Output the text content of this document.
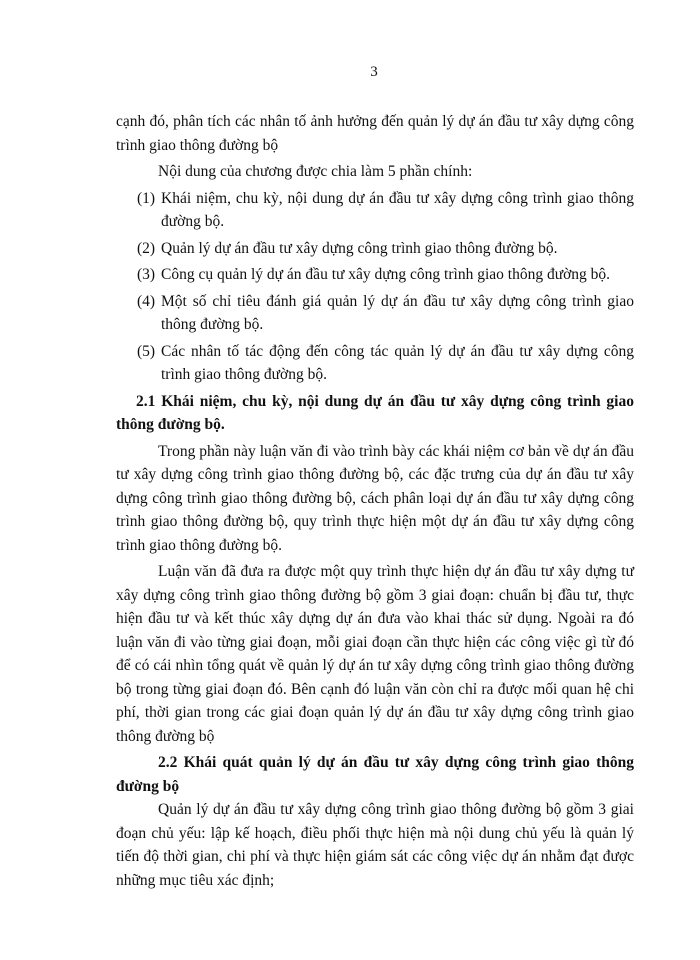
3

cạnh đó, phân tích các nhân tố ảnh hưởng đến quản lý dự án đầu tư xây dựng công trình giao thông đường bộ

Nội dung của chương được chia làm 5 phần chính:

(1) Khái niệm, chu kỳ, nội dung dự án đầu tư xây dựng công trình giao thông đường bộ.
(2) Quản lý dự án đầu tư xây dựng công trình giao thông đường bộ.
(3) Công cụ quản lý dự án đầu tư xây dựng công trình giao thông đường bộ.
(4) Một số chỉ tiêu đánh giá quản lý dự án đầu tư xây dựng công trình giao thông đường bộ.
(5) Các nhân tố tác động đến công tác quản lý dự án đầu tư xây dựng công trình giao thông đường bộ.
2.1 Khái niệm, chu kỳ, nội dung dự án đầu tư xây dựng công trình giao
thông đường bộ.

Trong phần này luận văn đi vào trình bày các khái niệm cơ bản về dự án đầu tư xây dựng công trình giao thông đường bộ, các đặc trưng của dự án đầu tư xây dựng công trình giao thông đường bộ, cách phân loại dự án đầu tư xây dựng công trình giao thông đường bộ, quy trình thực hiện một dự án đầu tư xây dựng công trình giao thông đường bộ.

Luận văn đã đưa ra được một quy trình thực hiện dự án đầu tư xây dựng tư xây dựng công trình giao thông đường bộ gồm 3 giai đoạn: chuẩn bị đầu tư, thực hiện đầu tư và kết thúc xây dựng dự án đưa vào khai thác sử dụng. Ngoài ra đó luận văn đi vào từng giai đoạn, mỗi giai đoạn cần thực hiện các công việc gì từ đó để có cái nhìn tổng quát về quản lý dự án tư xây dựng công trình giao thông đường bộ trong từng giai đoạn đó. Bên cạnh đó luận văn còn chỉ ra được mối quan hệ chi phí, thời gian trong các giai đoạn quản lý dự án đầu tư xây dựng công trình giao thông đường bộ

2.2 Khái quát quản lý dự án đầu tư xây dựng công trình giao thông
đường bộ

Quản lý dự án đầu tư xây dựng công trình giao thông đường bộ gồm 3 giai đoạn chủ yếu: lập kế hoạch, điều phối thực hiện mà nội dung chủ yếu là quản lý tiến độ thời gian, chi phí và thực hiện giám sát các công việc dự án nhằm đạt được những mục tiêu xác định;
